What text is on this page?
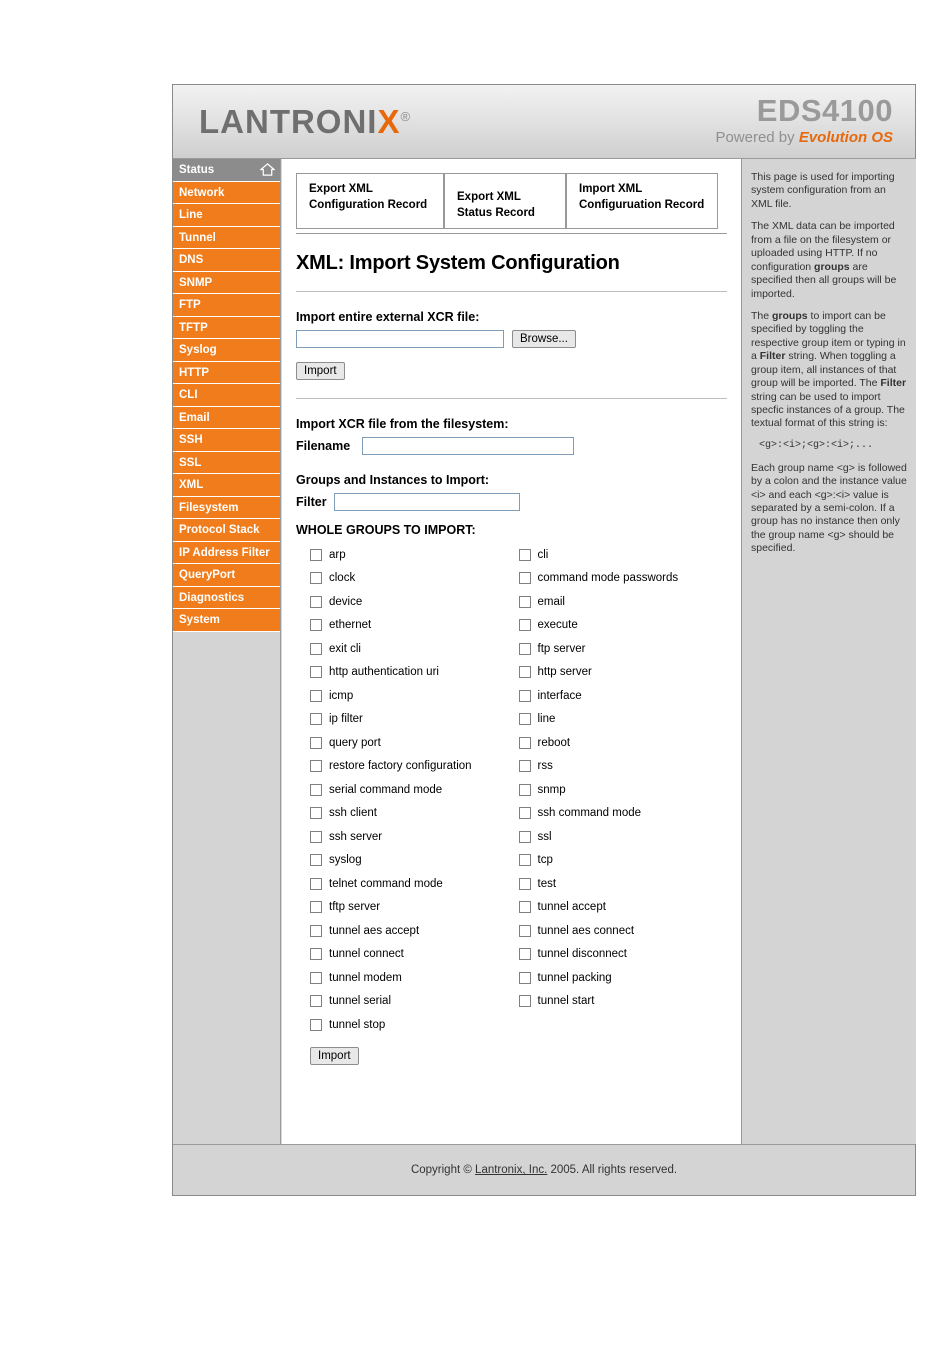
LANTRONIX®	EDS4100
Powered by Evolution OS
Status
Network
Line
Tunnel
DNS
SNMP
FTP
TFTP
Syslog
HTTP
CLI
Email
SSH
SSL
XML
Filesystem
Protocol Stack
IP Address Filter
QueryPort
Diagnostics
System
Export XML Configuration Record
Export XML Status Record
Import XML Configuruation Record
XML: Import System Configuration
Import entire external XCR file:
Browse...
Import
Import XCR file from the filesystem:
Filename
Groups and Instances to Import:
Filter
WHOLE GROUPS TO IMPORT:
arp	cli
clock	command mode passwords
device	email
ethernet	execute
exit cli	ftp server
http authentication uri	http server
icmp	interface
ip filter	line
query port	reboot
restore factory configuration	rss
serial command mode	snmp
ssh client	ssh command mode
ssh server	ssl
syslog	tcp
telnet command mode	test
tftp server	tunnel accept
tunnel aes accept	tunnel aes connect
tunnel connect	tunnel disconnect
tunnel modem	tunnel packing
tunnel serial	tunnel start
tunnel stop
Import

This page is used for importing system configuration from an XML file.

The XML data can be imported from a file on the filesystem or uploaded using HTTP. If no configuration groups are specified then all groups will be imported.

The groups to import can be specified by toggling the respective group item or typing in a Filter string. When toggling a group item, all instances of that group will be imported. The Filter string can be used to import specfic instances of a group. The textual format of this string is:

<g>:<i>;<g>:<i>;...

Each group name <g> is followed by a colon and the instance value <i> and each <g>:<i> value is separated by a semi-colon. If a group has no instance then only the group name <g> should be specified.

Copyright © Lantronix, Inc. 2005. All rights reserved.
